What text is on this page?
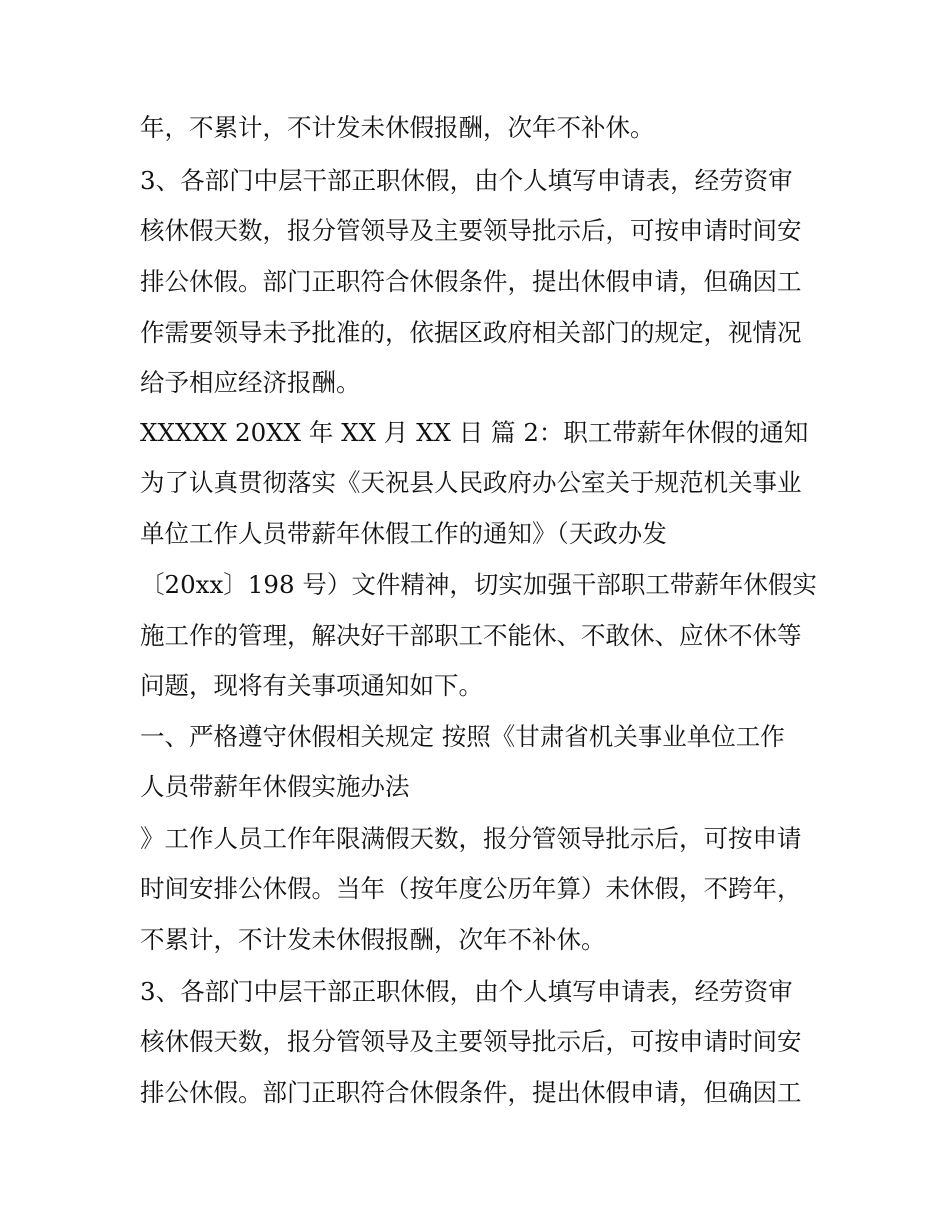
年，不累计，不计发未休假报酬，次年不补休。
3、各部门中层干部正职休假，由个人填写申请表，经劳资审
核休假天数，报分管领导及主要领导批示后，可按申请时间安
排公休假。部门正职符合休假条件，提出休假申请，但确因工
作需要领导未予批准的，依据区政府相关部门的规定，视情况
给予相应经济报酬。
XXXXX 20XX 年 XX 月 XX 日 篇 2：职工带薪年休假的通知
为了认真贯彻落实《天祝县人民政府办公室关于规范机关事业
单位工作人员带薪年休假工作的通知》（天政办发
〔20xx〕198 号）文件精神，切实加强干部职工带薪年休假实
施工作的管理，解决好干部职工不能休、不敢休、应休不休等
问题，现将有关事项通知如下。
一、严格遵守休假相关规定 按照《甘肃省机关事业单位工作
人员带薪年休假实施办法
》工作人员工作年限满假天数，报分管领导批示后，可按申请
时间安排公休假。当年（按年度公历年算）未休假，不跨年，
不累计，不计发未休假报酬，次年不补休。
3、各部门中层干部正职休假，由个人填写申请表，经劳资审
核休假天数，报分管领导及主要领导批示后，可按申请时间安
排公休假。部门正职符合休假条件，提出休假申请，但确因工
